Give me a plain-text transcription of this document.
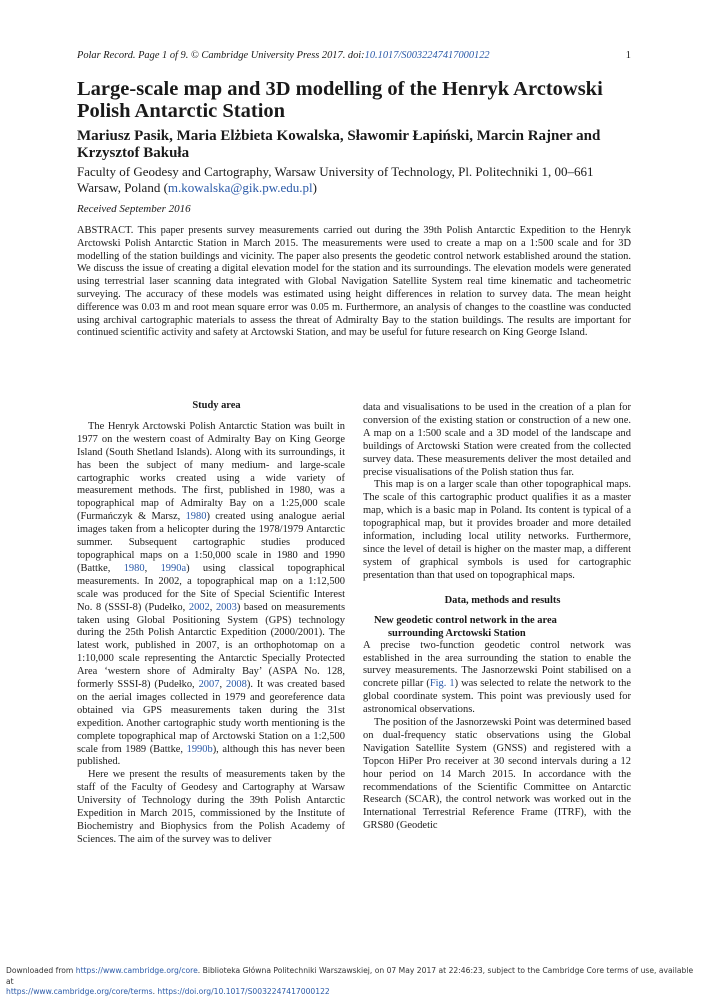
Polar Record. Page 1 of 9. © Cambridge University Press 2017. doi:10.1017/S0032247417000122	1
Large-scale map and 3D modelling of the Henryk Arctowski Polish Antarctic Station
Mariusz Pasik, Maria Elżbieta Kowalska, Sławomir Łapiński, Marcin Rajner and Krzysztof Bakuła
Faculty of Geodesy and Cartography, Warsaw University of Technology, Pl. Politechniki 1, 00–661 Warsaw, Poland (m.kowalska@gik.pw.edu.pl)
Received September 2016
ABSTRACT. This paper presents survey measurements carried out during the 39th Polish Antarctic Expedition to the Henryk Arctowski Polish Antarctic Station in March 2015. The measurements were used to create a map on a 1:500 scale and for 3D modelling of the station buildings and vicinity. The paper also presents the geodetic control network established around the station. We discuss the issue of creating a digital elevation model for the station and its surroundings. The elevation models were generated using terrestrial laser scanning data integrated with Global Navigation Satellite System real time kinematic and tacheometric surveying. The accuracy of these models was estimated using height differences in relation to survey data. The mean height difference was 0.03 m and root mean square error was 0.05 m. Furthermore, an analysis of changes to the coastline was conducted using archival cartographic materials to assess the threat of Admiralty Bay to the station buildings. The results are important for continued scientific activity and safety at Arctowski Station, and may be useful for future research on King George Island.

Study area

The Henryk Arctowski Polish Antarctic Station was built in 1977 on the western coast of Admiralty Bay on King George Island (South Shetland Islands). Along with its surroundings, it has been the subject of many medium- and large-scale cartographic works created using a wide variety of measurement methods. The first, published in 1980, was a topographical map of Admiralty Bay on a 1:25,000 scale (Furmańczyk & Marsz, 1980) created using analogue aerial images taken from a helicopter during the 1978/1979 Antarctic summer. Subsequent cartographic studies produced topographical maps on a 1:50,000 scale in 1980 and 1990 (Battke, 1980, 1990a) using classical topographical measurements. In 2002, a topographical map on a 1:12,500 scale was produced for the Site of Special Scientific Interest No. 8 (SSSI-8) (Pudełko, 2002, 2003) based on measurements taken using Global Positioning System (GPS) technology during the 25th Polish Antarctic Expedition (2000/2001). The latest work, published in 2007, is an orthophotomap on a 1:10,000 scale representing the Antarctic Specially Protected Area ‘western shore of Admiralty Bay’ (ASPA No. 128, formerly SSSI-8) (Pudełko, 2007, 2008). It was created based on the aerial images collected in 1979 and georeference data obtained via GPS measurements taken during the 31st expedition. Another cartographic study worth mentioning is the complete topographical map of Arctowski Station on a 1:2,500 scale from 1989 (Battke, 1990b), although this has never been published.

Here we present the results of measurements taken by the staff of the Faculty of Geodesy and Cartography at Warsaw University of Technology during the 39th Polish Antarctic Expedition in March 2015, commissioned by the Institute of Biochemistry and Biophysics from the Polish Academy of Sciences. The aim of the survey was to deliver

data and visualisations to be used in the creation of a plan for conversion of the existing station or construction of a new one. A map on a 1:500 scale and a 3D model of the landscape and buildings of Arctowski Station were created from the collected survey data. These measurements deliver the most detailed and precise visualisations of the Polish station thus far.

This map is on a larger scale than other topographical maps. The scale of this cartographic product qualifies it as a master map, which is a basic map in Poland. Its content is typical of a topographical map, but it provides broader and more detailed information, including local utility networks. Furthermore, since the level of detail is higher on the master map, a different system of graphical symbols is used for cartographic presentation than that used on topographical maps.

Data, methods and results

New geodetic control network in the area
surrounding Arctowski Station

A precise two-function geodetic control network was established in the area surrounding the station to enable the survey measurements. The Jasnorzewski Point stabilised on a concrete pillar (Fig. 1) was selected to relate the network to the global coordinate system. This point was previously used for astronomical observations.

The position of the Jasnorzewski Point was determined based on dual-frequency static observations using the Global Navigation Satellite System (GNSS) and registered with a Topcon HiPer Pro receiver at 30 second intervals during a 12 hour period on 14 March 2015. In accordance with the recommendations of the Scientific Committee on Antarctic Research (SCAR), the control network was worked out in the International Terrestrial Reference Frame (ITRF), with the GRS80 (Geodetic

Downloaded from https://www.cambridge.org/core. Biblioteka Główna Politechniki Warszawskiej, on 07 May 2017 at 22:46:23, subject to the Cambridge Core terms of use, available at
https://www.cambridge.org/core/terms. https://doi.org/10.1017/S0032247417000122
